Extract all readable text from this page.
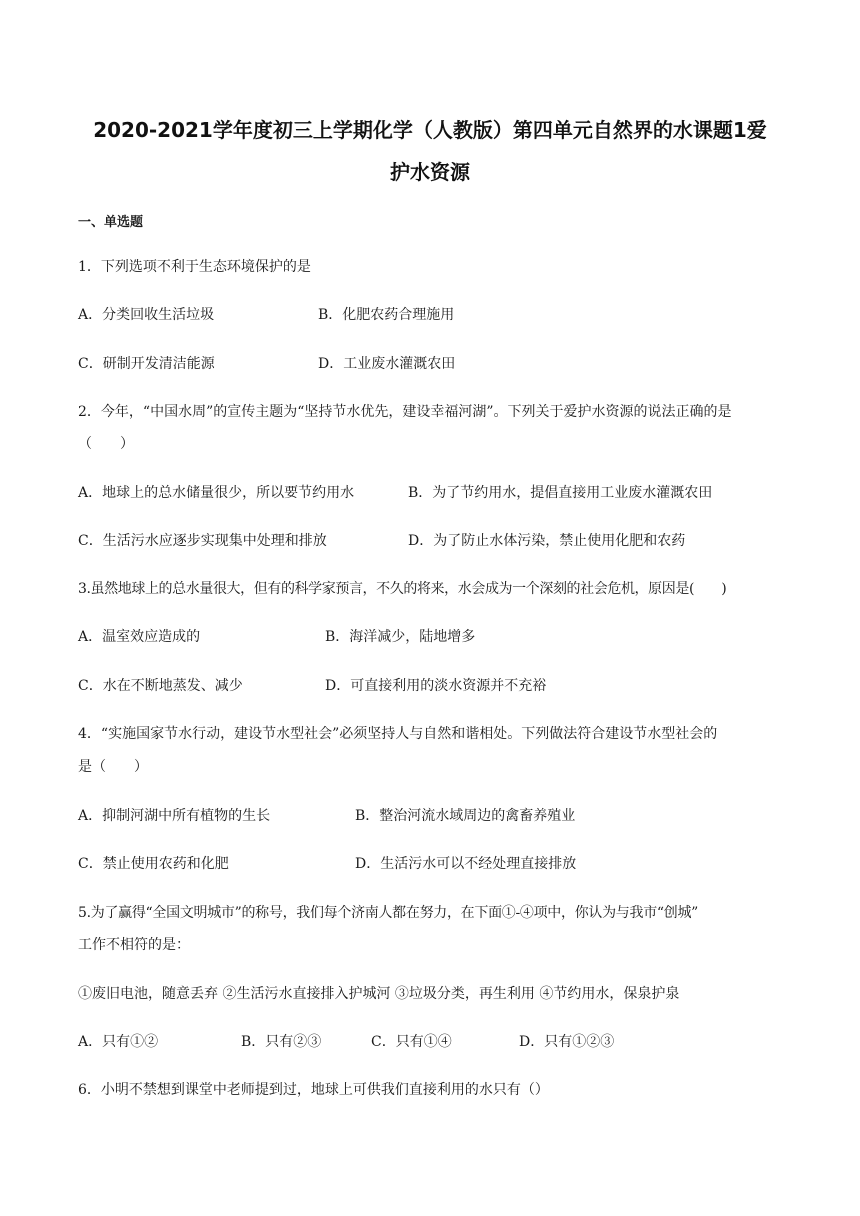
2020-2021学年度初三上学期化学（人教版）第四单元自然界的水课题1爱
护水资源
一、单选题
1．下列选项不利于生态环境保护的是
A．分类回收生活垃圾	B．化肥农药合理施用
C．研制开发清洁能源	D．工业废水灌溉农田
2．今年，“中国水周”的宣传主题为“坚持节水优先，建设幸福河湖”。下列关于爱护水资源的说法正确的是
（　　）
A．地球上的总水储量很少，所以要节约用水	B．为了节约用水，提倡直接用工业废水灌溉农田
C．生活污水应逐步实现集中处理和排放	D．为了防止水体污染，禁止使用化肥和农药
3.虽然地球上的总水量很大，但有的科学家预言，不久的将来，水会成为一个深刻的社会危机，原因是(　　)
A．温室效应造成的	B．海洋减少，陆地增多
C．水在不断地蒸发、减少	D．可直接利用的淡水资源并不充裕
4．“实施国家节水行动，建设节水型社会”必须坚持人与自然和谐相处。下列做法符合建设节水型社会的
是（　　）
A．抑制河湖中所有植物的生长	B．整治河流水域周边的禽畜养殖业
C．禁止使用农药和化肥	D．生活污水可以不经处理直接排放
5.为了赢得“全国文明城市”的称号，我们每个济南人都在努力，在下面①-④项中，你认为与我市“创城”
工作不相符的是：
①废旧电池，随意丢弃 ②生活污水直接排入护城河 ③垃圾分类，再生利用 ④节约用水，保泉护泉
A．只有①②	B．只有②③	C．只有①④	D．只有①②③
6．小明不禁想到课堂中老师提到过，地球上可供我们直接利用的水只有（）
